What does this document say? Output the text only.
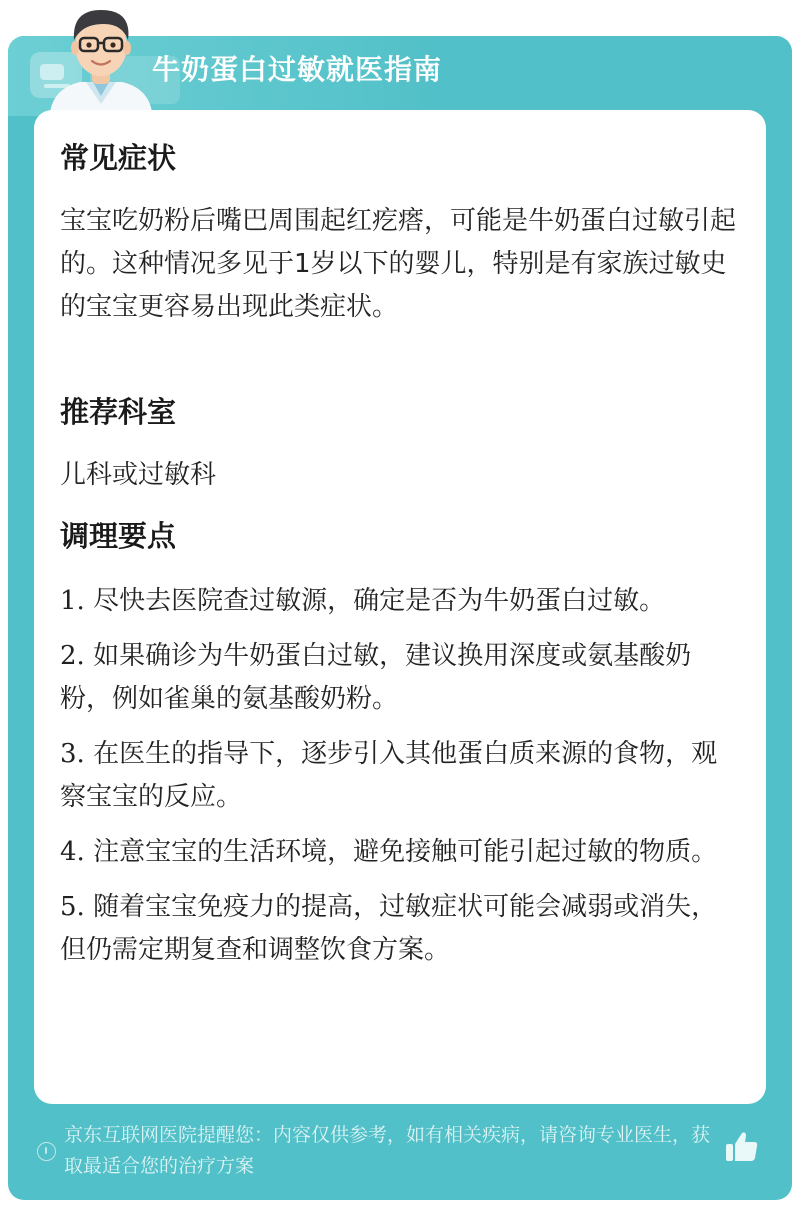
牛奶蛋白过敏就医指南
常见症状
宝宝吃奶粉后嘴巴周围起红疙瘩，可能是牛奶蛋白过敏引起的。这种情况多见于1岁以下的婴儿，特别是有家族过敏史的宝宝更容易出现此类症状。
推荐科室
儿科或过敏科
调理要点
1. 尽快去医院查过敏源，确定是否为牛奶蛋白过敏。
2. 如果确诊为牛奶蛋白过敏，建议换用深度或氨基酸奶粉，例如雀巢的氨基酸奶粉。
3. 在医生的指导下，逐步引入其他蛋白质来源的食物，观察宝宝的反应。
4. 注意宝宝的生活环境，避免接触可能引起过敏的物质。
5. 随着宝宝免疫力的提高，过敏症状可能会减弱或消失，但仍需定期复查和调整饮食方案。
京东互联网医院提醒您：内容仅供参考，如有相关疾病，请咨询专业医生，获取最适合您的治疗方案
